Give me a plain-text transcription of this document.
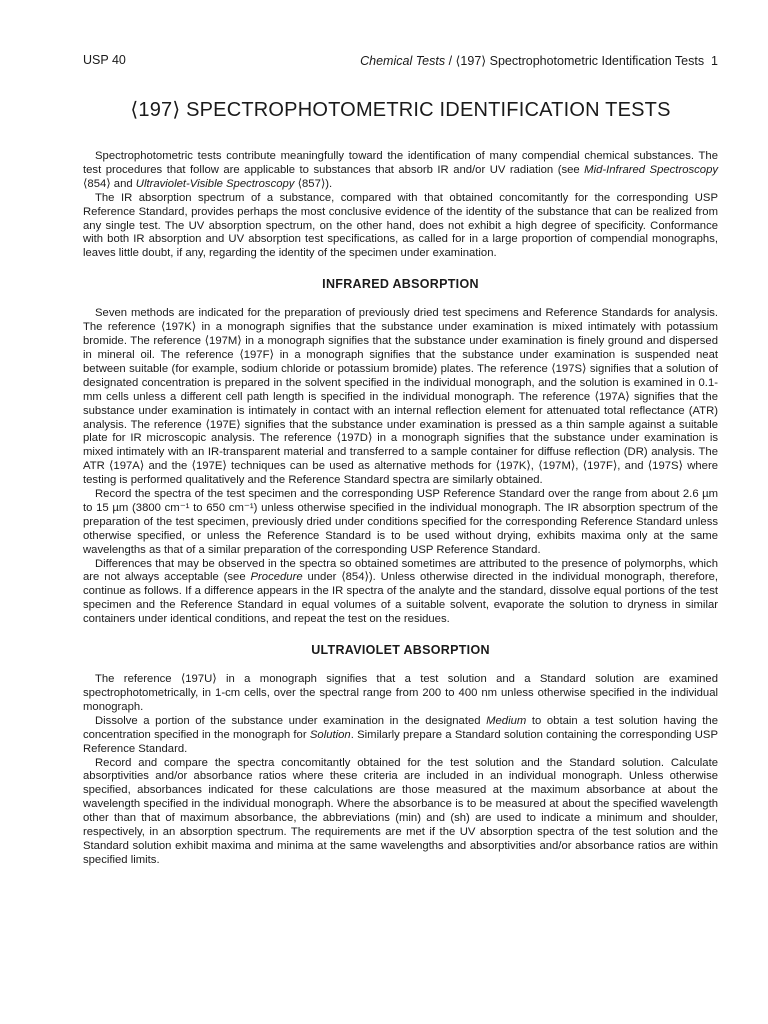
USP 40	Chemical Tests / ⟨197⟩ Spectrophotometric Identification Tests 1
⟨197⟩ SPECTROPHOTOMETRIC IDENTIFICATION TESTS

Spectrophotometric tests contribute meaningfully toward the identification of many compendial chemical substances. The test procedures that follow are applicable to substances that absorb IR and/or UV radiation (see Mid-Infrared Spectroscopy ⟨854⟩ and Ultraviolet-Visible Spectroscopy ⟨857⟩).

The IR absorption spectrum of a substance, compared with that obtained concomitantly for the corresponding USP Reference Standard, provides perhaps the most conclusive evidence of the identity of the substance that can be realized from any single test. The UV absorption spectrum, on the other hand, does not exhibit a high degree of specificity. Conformance with both IR absorption and UV absorption test specifications, as called for in a large proportion of compendial monographs, leaves little doubt, if any, regarding the identity of the specimen under examination.

INFRARED ABSORPTION

Seven methods are indicated for the preparation of previously dried test specimens and Reference Standards for analysis. The reference ⟨197K⟩ in a monograph signifies that the substance under examination is mixed intimately with potassium bromide. The reference ⟨197M⟩ in a monograph signifies that the substance under examination is finely ground and dispersed in mineral oil. The reference ⟨197F⟩ in a monograph signifies that the substance under examination is suspended neat between suitable (for example, sodium chloride or potassium bromide) plates. The reference ⟨197S⟩ signifies that a solution of designated concentration is prepared in the solvent specified in the individual monograph, and the solution is examined in 0.1-mm cells unless a different cell path length is specified in the individual monograph. The reference ⟨197A⟩ signifies that the substance under examination is intimately in contact with an internal reflection element for attenuated total reflectance (ATR) analysis. The reference ⟨197E⟩ signifies that the substance under examination is pressed as a thin sample against a suitable plate for IR microscopic analysis. The reference ⟨197D⟩ in a monograph signifies that the substance under examination is mixed intimately with an IR-transparent material and transferred to a sample container for diffuse reflection (DR) analysis. The ATR ⟨197A⟩ and the ⟨197E⟩ techniques can be used as alternative methods for ⟨197K⟩, ⟨197M⟩, ⟨197F⟩, and ⟨197S⟩ where testing is performed qualitatively and the Reference Standard spectra are similarly obtained.

Record the spectra of the test specimen and the corresponding USP Reference Standard over the range from about 2.6 µm to 15 µm (3800 cm⁻¹ to 650 cm⁻¹) unless otherwise specified in the individual monograph. The IR absorption spectrum of the preparation of the test specimen, previously dried under conditions specified for the corresponding Reference Standard unless otherwise specified, or unless the Reference Standard is to be used without drying, exhibits maxima only at the same wavelengths as that of a similar preparation of the corresponding USP Reference Standard.

Differences that may be observed in the spectra so obtained sometimes are attributed to the presence of polymorphs, which are not always acceptable (see Procedure under ⟨854⟩). Unless otherwise directed in the individual monograph, therefore, continue as follows. If a difference appears in the IR spectra of the analyte and the standard, dissolve equal portions of the test specimen and the Reference Standard in equal volumes of a suitable solvent, evaporate the solution to dryness in similar containers under identical conditions, and repeat the test on the residues.

ULTRAVIOLET ABSORPTION

The reference ⟨197U⟩ in a monograph signifies that a test solution and a Standard solution are examined spectrophotometrically, in 1-cm cells, over the spectral range from 200 to 400 nm unless otherwise specified in the individual monograph.

Dissolve a portion of the substance under examination in the designated Medium to obtain a test solution having the concentration specified in the monograph for Solution. Similarly prepare a Standard solution containing the corresponding USP Reference Standard.

Record and compare the spectra concomitantly obtained for the test solution and the Standard solution. Calculate absorptivities and/or absorbance ratios where these criteria are included in an individual monograph. Unless otherwise specified, absorbances indicated for these calculations are those measured at the maximum absorbance at about the wavelength specified in the individual monograph. Where the absorbance is to be measured at about the specified wavelength other than that of maximum absorbance, the abbreviations (min) and (sh) are used to indicate a minimum and shoulder, respectively, in an absorption spectrum. The requirements are met if the UV absorption spectra of the test solution and the Standard solution exhibit maxima and minima at the same wavelengths and absorptivities and/or absorbance ratios are within specified limits.
